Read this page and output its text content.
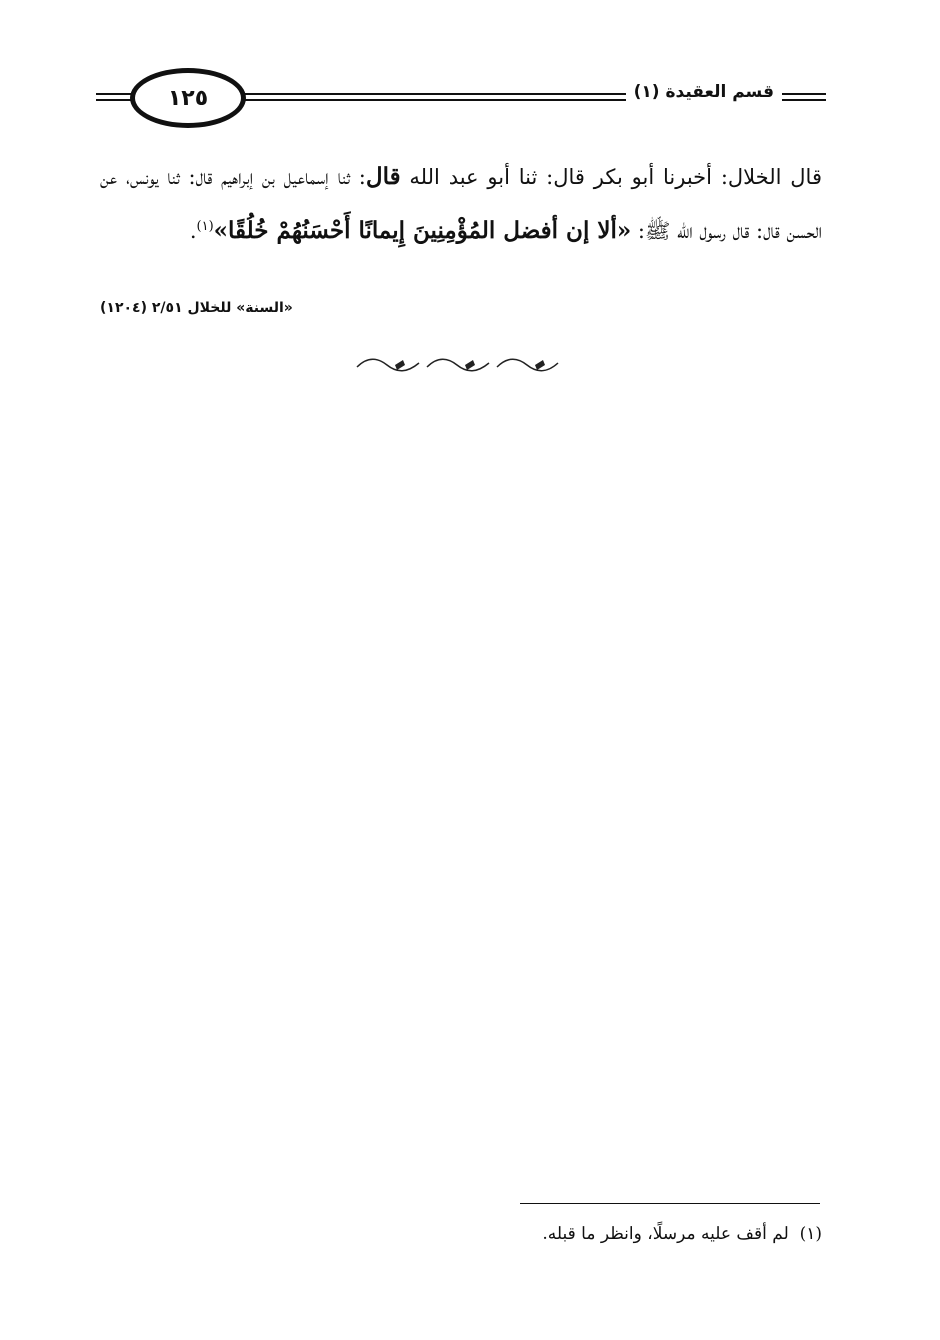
١٢٥	قسم العقيدة (١)
قال الخلال: أخبرنا أبو بكر قال: ثنا أبو عبد الله قال: ثنا إسماعيل بن إبراهيم قال: ثنا يونس، عن الحسن قال: قال رسول الله ﷺ: «ألا إن أفضل المُؤْمِنِينَ إِيمانًا أَحْسَنُهُمْ خُلُقًا»$^{(١)}$.
«السنة» للخلال ٢/٥١ (١٢٠٤)
(١)  لم أقف عليه مرسلًا، وانظر ما قبله.
